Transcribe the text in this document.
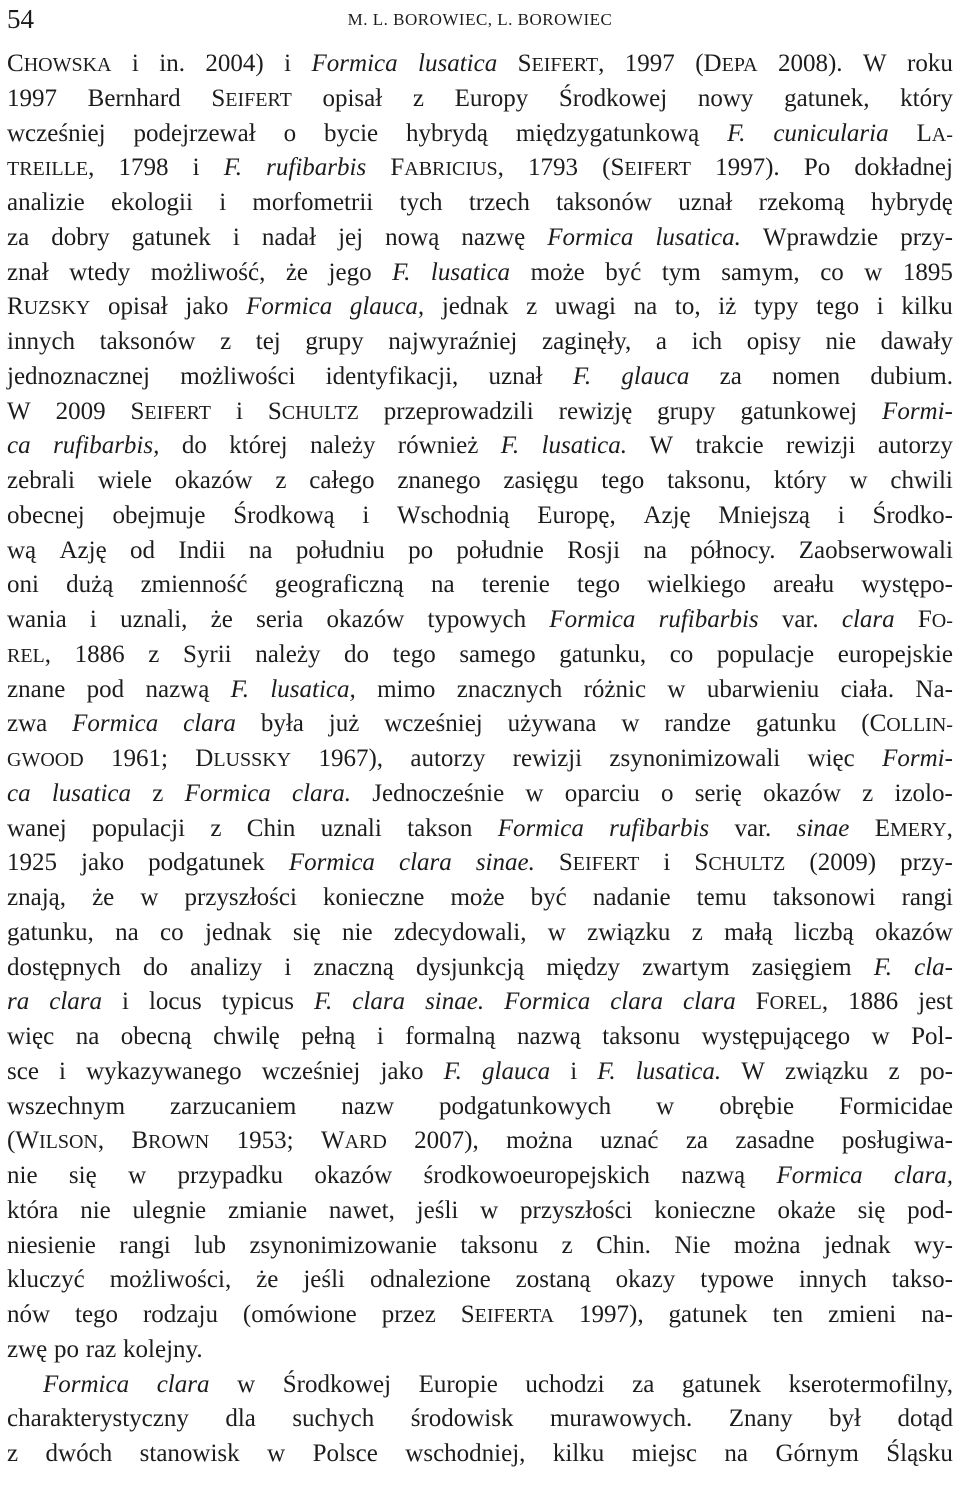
54	M. L. BOROWIEC, L. BOROWIEC
CHOWSKA i in. 2004) i Formica lusatica SEIFERT, 1997 (DEPA 2008). W roku
1997 Bernhard SEIFERT opisał z Europy Środkowej nowy gatunek, który
wcześniej podejrzewał o bycie hybrydą międzygatunkową F. cunicularia LA-
TREILLE, 1798 i F. rufibarbis FABRICIUS, 1793 (SEIFERT 1997). Po dokładnej
analizie ekologii i morfometrii tych trzech taksonów uznał rzekomą hybrydę
za dobry gatunek i nadał jej nową nazwę Formica lusatica. Wprawdzie przy-
znał wtedy możliwość, że jego F. lusatica może być tym samym, co w 1895
RUZSKY opisał jako Formica glauca, jednak z uwagi na to, iż typy tego i kilku
innych taksonów z tej grupy najwyraźniej zaginęły, a ich opisy nie dawały
jednoznacznej możliwości identyfikacji, uznał F. glauca za nomen dubium.
W 2009 SEIFERT i SCHULTZ przeprowadzili rewizję grupy gatunkowej Formi-
ca rufibarbis, do której należy również F. lusatica. W trakcie rewizji autorzy
zebrali wiele okazów z całego znanego zasięgu tego taksonu, który w chwili
obecnej obejmuje Środkową i Wschodnią Europę, Azję Mniejszą i Środko-
wą Azję od Indii na południu po południe Rosji na północy. Zaobserwowali
oni dużą zmienność geograficzną na terenie tego wielkiego areału występo-
wania i uznali, że seria okazów typowych Formica rufibarbis var. clara FO-
REL, 1886 z Syrii należy do tego samego gatunku, co populacje europejskie
znane pod nazwą F. lusatica, mimo znacznych różnic w ubarwieniu ciała. Na-
zwa Formica clara była już wcześniej używana w randze gatunku (COLLIN-
GWOOD 1961; DLUSSKY 1967), autorzy rewizji zsynonimizowali więc Formi-
ca lusatica z Formica clara. Jednocześnie w oparciu o serię okazów z izolo-
wanej populacji z Chin uznali takson Formica rufibarbis var. sinae EMERY,
1925 jako podgatunek Formica clara sinae. SEIFERT i SCHULTZ (2009) przy-
znają, że w przyszłości konieczne może być nadanie temu taksonowi rangi
gatunku, na co jednak się nie zdecydowali, w związku z małą liczbą okazów
dostępnych do analizy i znaczną dysjunkcją między zwartym zasięgiem F. cla-
ra clara i locus typicus F. clara sinae. Formica clara clara FOREL, 1886 jest
więc na obecną chwilę pełną i formalną nazwą taksonu występującego w Pol-
sce i wykazywanego wcześniej jako F. glauca i F. lusatica. W związku z po-
wszechnym zarzucaniem nazw podgatunkowych w obrębie Formicidae
(WILSON, BROWN 1953; WARD 2007), można uznać za zasadne posługiwa-
nie się w przypadku okazów środkowoeuropejskich nazwą Formica clara,
która nie ulegnie zmianie nawet, jeśli w przyszłości konieczne okaże się pod-
niesienie rangi lub zsynonimizowanie taksonu z Chin. Nie można jednak wy-
kluczyć możliwości, że jeśli odnalezione zostaną okazy typowe innych takso-
nów tego rodzaju (omówione przez SEIFERTA 1997), gatunek ten zmieni na-
zwę po raz kolejny.
Formica clara w Środkowej Europie uchodzi za gatunek kserotermofilny,
charakterystyczny dla suchych środowisk murawowych. Znany był dotąd
z dwóch stanowisk w Polsce wschodniej, kilku miejsc na Górnym Śląsku
